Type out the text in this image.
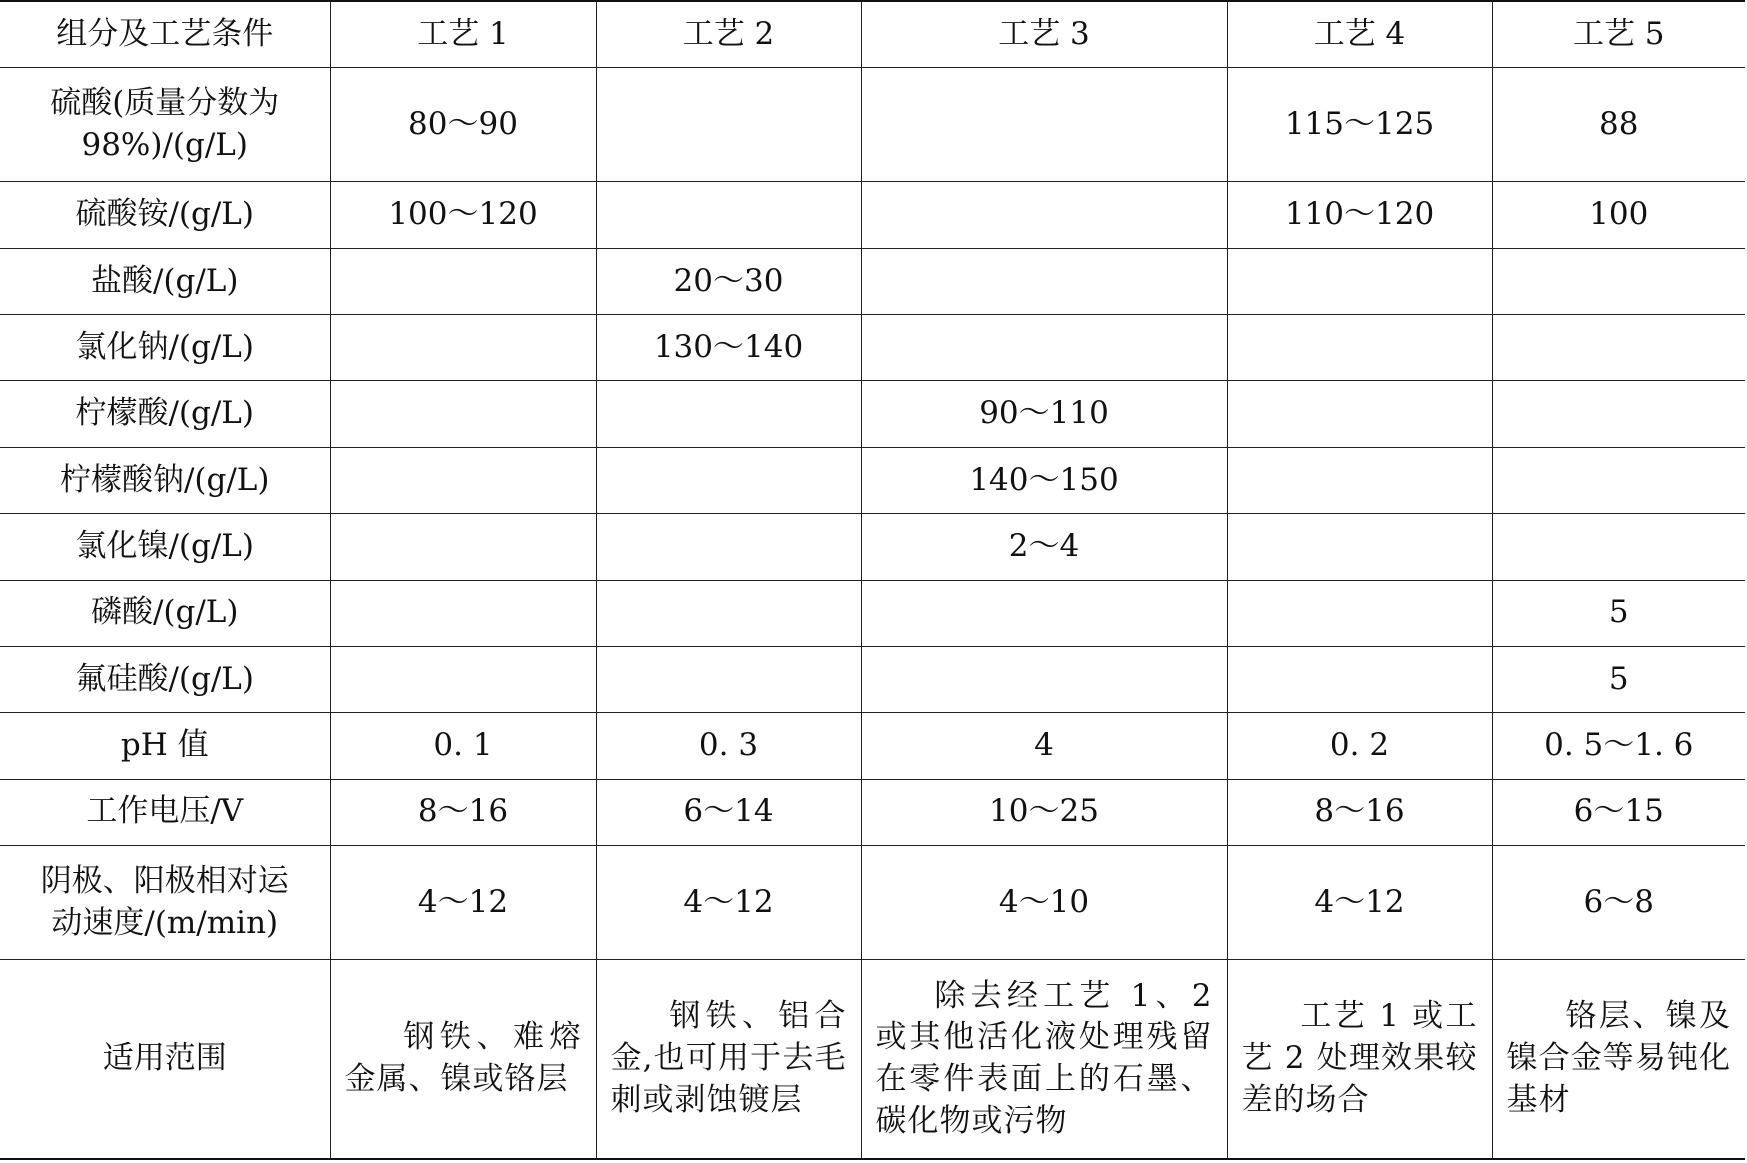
组分及工艺条件	工艺 1	工艺 2	工艺 3	工艺 4	工艺 5
硫酸(质量分数为 98%)/(g/L)	80～90			115～125	88
硫酸铵/(g/L)	100～120			110～120	100
盐酸/(g/L)		20～30			
氯化钠/(g/L)		130～140			
柠檬酸/(g/L)			90～110		
柠檬酸钠/(g/L)			140～150		
氯化镍/(g/L)			2～4		
磷酸/(g/L)					5
氟硅酸/(g/L)					5
pH 值	0. 1	0. 3	4	0. 2	0. 5～1. 6
工作电压/V	8～16	6～14	10～25	8～16	6～15
阴极、阳极相对运动速度/(m/min)	4～12	4～12	4～10	4～12	6～8
适用范围	钢铁、难熔金属、镍或铬层	钢铁、铝合金,也可用于去毛刺或剥蚀镀层	除去经工艺 1、2 或其他活化液处理残留在零件表面上的石墨、碳化物或污物	工艺 1 或工艺 2 处理效果较差的场合	铬层、镍及镍合金等易钝化基材
